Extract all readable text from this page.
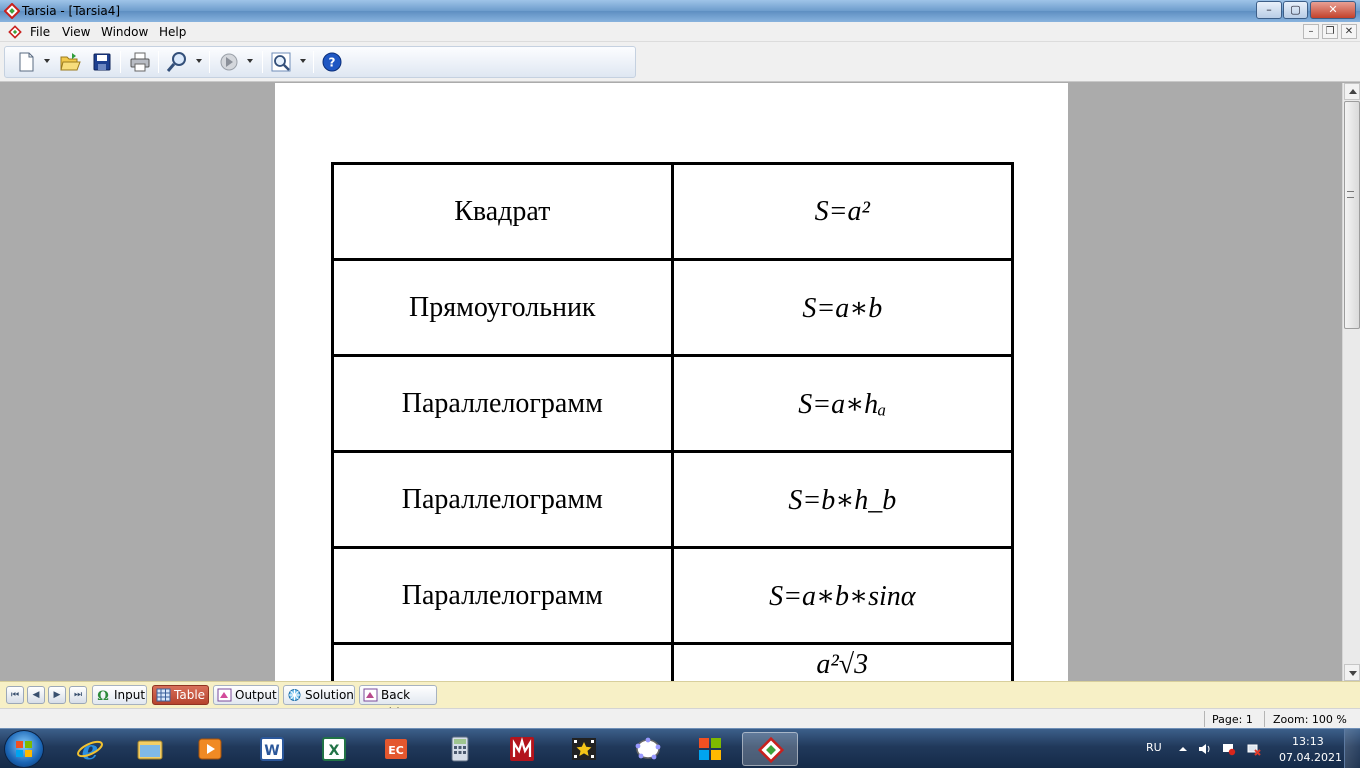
Tarsia - [Tarsia4]	–	▢	✕
File View Window Help	–	❐	✕
?
Квадрат	S=a²
Прямоугольник	S=a∗b
Параллелограмм	S=a∗hₐ
Параллелограмм	S=b∗h_b
Параллелограмм	S=a∗b∗sinα
	a²√3
⏮	◀	▶	⏭	Ω Input	Table	Output	Solution	Back
Page: 1 Zoom: 100 %
e	W	X	EC	RU	13:13
07.04.2021
